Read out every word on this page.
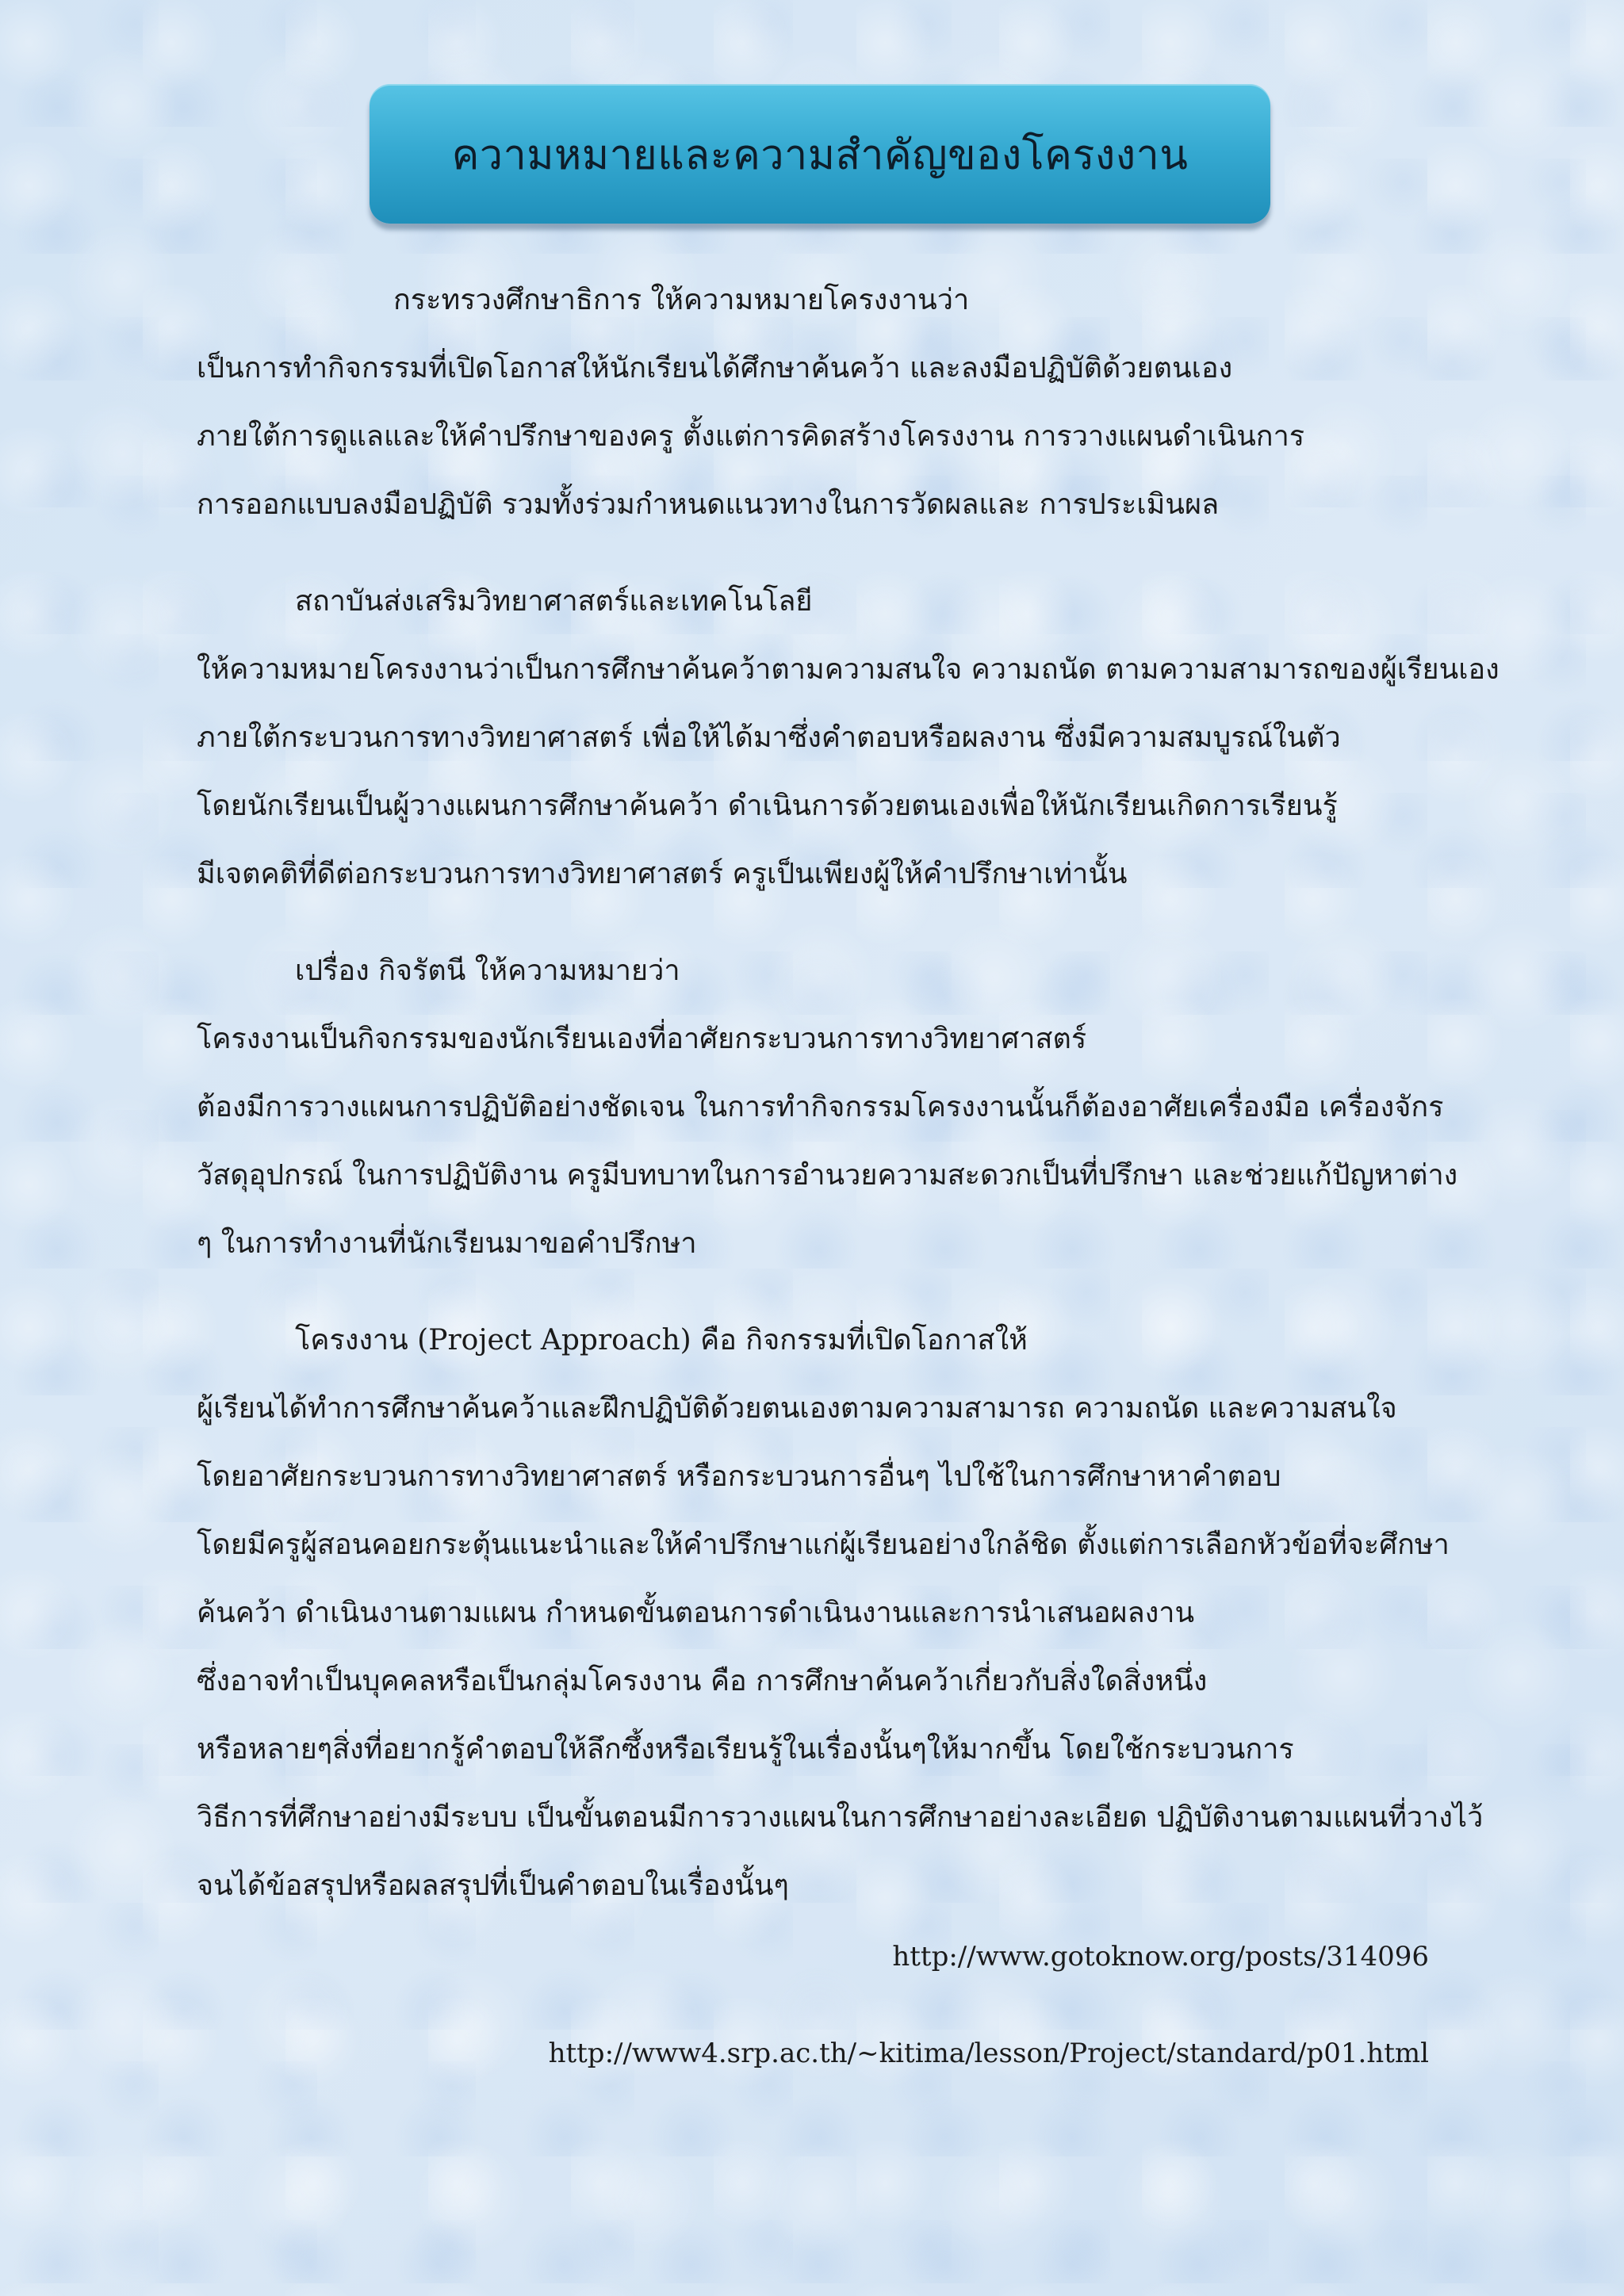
ความหมายและความสำคัญของโครงงาน
กระทรวงศึกษาธิการ ให้ความหมายโครงงานว่า
เป็นการทำกิจกรรมที่เปิดโอกาสให้นักเรียนได้ศึกษาค้นคว้า และลงมือปฏิบัติด้วยตนเอง
ภายใต้การดูแลและให้คำปรึกษาของครู ตั้งแต่การคิดสร้างโครงงาน การวางแผนดำเนินการ
การออกแบบลงมือปฏิบัติ รวมทั้งร่วมกำหนดแนวทางในการวัดผลและ การประเมินผล
สถาบันส่งเสริมวิทยาศาสตร์และเทคโนโลยี
ให้ความหมายโครงงานว่าเป็นการศึกษาค้นคว้าตามความสนใจ ความถนัด ตามความสามารถของผู้เรียนเอง
ภายใต้กระบวนการทางวิทยาศาสตร์ เพื่อให้ได้มาซึ่งคำตอบหรือผลงาน ซึ่งมีความสมบูรณ์ในตัว
โดยนักเรียนเป็นผู้วางแผนการศึกษาค้นคว้า ดำเนินการด้วยตนเองเพื่อให้นักเรียนเกิดการเรียนรู้
มีเจตคติที่ดีต่อกระบวนการทางวิทยาศาสตร์ ครูเป็นเพียงผู้ให้คำปรึกษาเท่านั้น
เปรื่อง กิจรัตนี ให้ความหมายว่า
โครงงานเป็นกิจกรรมของนักเรียนเองที่อาศัยกระบวนการทางวิทยาศาสตร์
ต้องมีการวางแผนการปฏิบัติอย่างชัดเจน ในการทำกิจกรรมโครงงานนั้นก็ต้องอาศัยเครื่องมือ เครื่องจักร
วัสดุอุปกรณ์ ในการปฏิบัติงาน ครูมีบทบาทในการอำนวยความสะดวกเป็นที่ปรึกษา และช่วยแก้ปัญหาต่าง
ๆ ในการทำงานที่นักเรียนมาขอคำปรึกษา
โครงงาน (Project Approach) คือ กิจกรรมที่เปิดโอกาสให้
ผู้เรียนได้ทำการศึกษาค้นคว้าและฝึกปฏิบัติด้วยตนเองตามความสามารถ ความถนัด และความสนใจ
โดยอาศัยกระบวนการทางวิทยาศาสตร์ หรือกระบวนการอื่นๆ ไปใช้ในการศึกษาหาคำตอบ
โดยมีครูผู้สอนคอยกระตุ้นแนะนำและให้คำปรึกษาแก่ผู้เรียนอย่างใกล้ชิด ตั้งแต่การเลือกหัวข้อที่จะศึกษา
ค้นคว้า ดำเนินงานตามแผน กำหนดขั้นตอนการดำเนินงานและการนำเสนอผลงาน
ซึ่งอาจทำเป็นบุคคลหรือเป็นกลุ่มโครงงาน คือ การศึกษาค้นคว้าเกี่ยวกับสิ่งใดสิ่งหนึ่ง
หรือหลายๆสิ่งที่อยากรู้คำตอบให้ลึกซึ้งหรือเรียนรู้ในเรื่องนั้นๆให้มากขึ้น โดยใช้กระบวนการ
วิธีการที่ศึกษาอย่างมีระบบ เป็นขั้นตอนมีการวางแผนในการศึกษาอย่างละเอียด ปฏิบัติงานตามแผนที่วางไว้
จนได้ข้อสรุปหรือผลสรุปที่เป็นคำตอบในเรื่องนั้นๆ
http://www.gotoknow.org/posts/314096
http://www4.srp.ac.th/~kitima/lesson/Project/standard/p01.html
